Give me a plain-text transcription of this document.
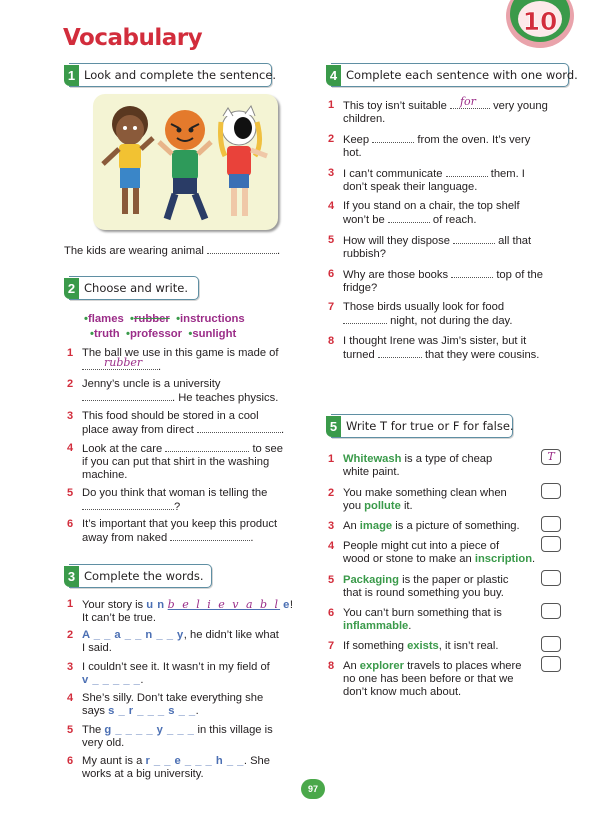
Vocabulary
10
1 Look and complete the sentence.
The kids are wearing animal	.
2 Choose and write.
•flames •rubber •instructions
•truth •professor •sunlight
1 The ball we use in this game is made of
rubber .
2 Jenny’s uncle is a university
. He teaches physics.
3 This food should be stored in a cool
place away from direct	.
4 Look at the care	to see
if you can put that shirt in the washing
machine.
5 Do you think that woman is telling the
?
6 It’s important that you keep this product
away from naked	.
3 Complete the words.
1 Your story is u n b e l i e v a b l e!
It can’t be true.
2 A _ _ a _ _ n _ _ y, he didn’t like what
I said.
3 I couldn’t see it. It wasn’t in my field of
v _ _ _ _ _.
4 She’s silly. Don’t take everything she
says s _ r _ _ _ s _ _.
5 The g _ _ _ _ y _ _ _ in this village is
very old.
6 My aunt is a r _ _ e _ _ _ h _ _. She
works at a big university.
4 Complete each sentence with one word.
1 This toy isn’t suitable for very young
children.
2 Keep	from the oven. It’s very
hot.
3 I can’t communicate	them. I
don’t speak their language.
4 If you stand on a chair, the top shelf
won’t be	of reach.
5 How will they dispose	all that
rubbish?
6 Why are those books	top of the
fridge?
7 Those birds usually look for food
night, not during the day.
8 I thought Irene was Jim’s sister, but it
turned	that they were cousins.
5 Write T for true or F for false.
1 Whitewash is a type of cheap
white paint.
T
2 You make something clean when
you pollute it.
3 An image is a picture of something.
4 People might cut into a piece of
wood or stone to make an inscription.
5 Packaging is the paper or plastic
that is round something you buy.
6 You can’t burn something that is
inflammable.
7 If something exists, it isn’t real.
8 An explorer travels to places where
no one has been before or that we
don’t know much about.
97
